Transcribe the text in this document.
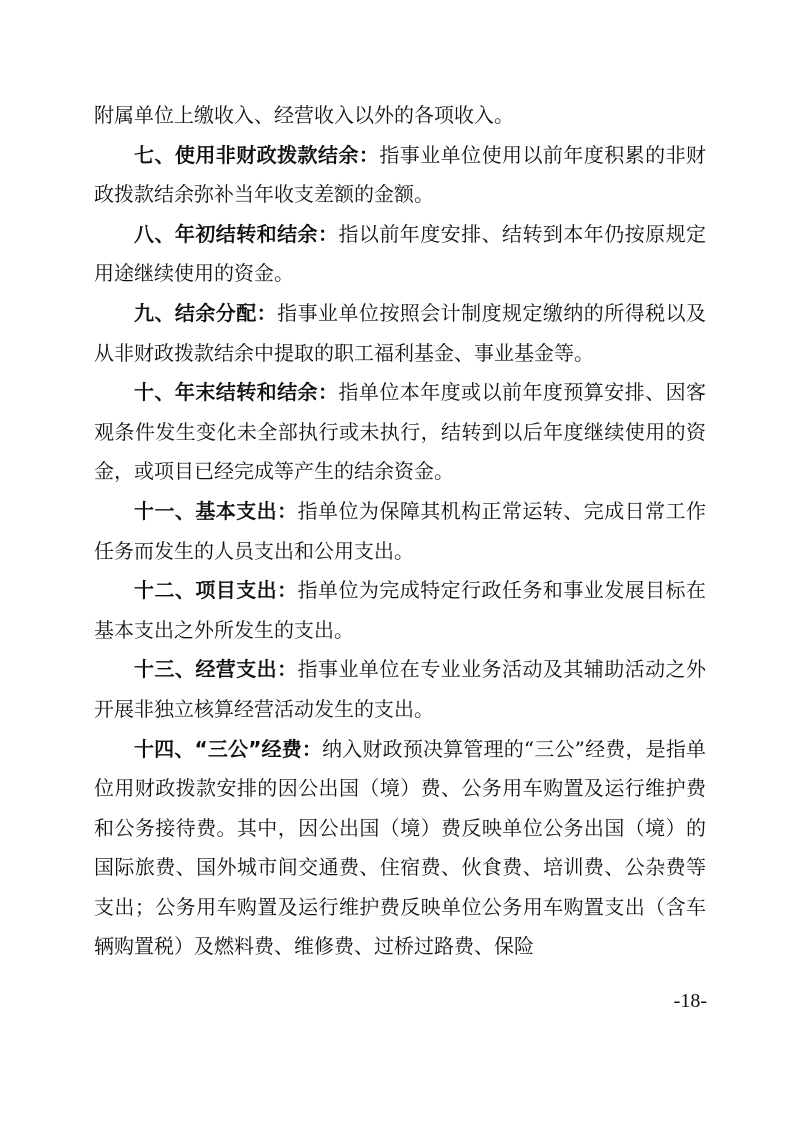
附属单位上缴收入、经营收入以外的各项收入。

七、使用非财政拨款结余：指事业单位使用以前年度积累的非财政拨款结余弥补当年收支差额的金额。

八、年初结转和结余：指以前年度安排、结转到本年仍按原规定用途继续使用的资金。

九、结余分配：指事业单位按照会计制度规定缴纳的所得税以及从非财政拨款结余中提取的职工福利基金、事业基金等。

十、年末结转和结余：指单位本年度或以前年度预算安排、因客观条件发生变化未全部执行或未执行，结转到以后年度继续使用的资金，或项目已经完成等产生的结余资金。

十一、基本支出：指单位为保障其机构正常运转、完成日常工作任务而发生的人员支出和公用支出。

十二、项目支出：指单位为完成特定行政任务和事业发展目标在基本支出之外所发生的支出。

十三、经营支出：指事业单位在专业业务活动及其辅助活动之外开展非独立核算经营活动发生的支出。

十四、“三公”经费：纳入财政预决算管理的“三公”经费，是指单位用财政拨款安排的因公出国（境）费、公务用车购置及运行维护费和公务接待费。其中，因公出国（境）费反映单位公务出国（境）的国际旅费、国外城市间交通费、住宿费、伙食费、培训费、公杂费等支出；公务用车购置及运行维护费反映单位公务用车购置支出（含车辆购置税）及燃料费、维修费、过桥过路费、保险

-18-
